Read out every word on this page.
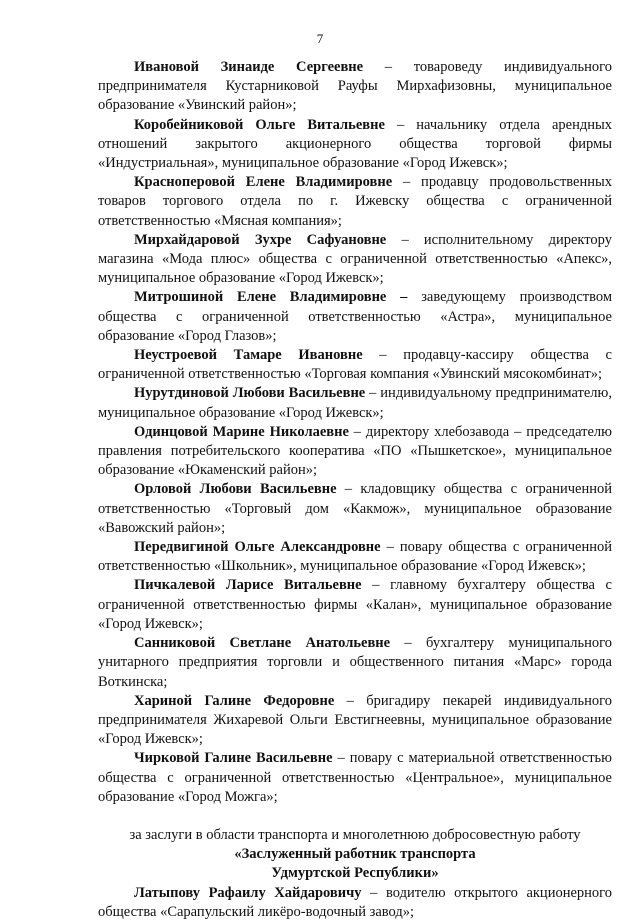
7

Ивановой Зинаиде Сергеевне – товароведу индивидуального предпринимателя Кустарниковой Рауфы Мирхафизовны, муниципальное образование «Увинский район»;

Коробейниковой Ольге Витальевне – начальнику отдела арендных отношений закрытого акционерного общества торговой фирмы «Индустриальная», муниципальное образование «Город Ижевск»;

Красноперовой Елене Владимировне – продавцу продовольственных товаров торгового отдела по г. Ижевску общества с ограниченной ответственностью «Мясная компания»;

Мирхайдаровой Зухре Сафуановне – исполнительному директору магазина «Мода плюс» общества с ограниченной ответственностью «Апекс», муниципальное образование «Город Ижевск»;

Митрошиной Елене Владимировне – заведующему производством общества с ограниченной ответственностью «Астра», муниципальное образование «Город Глазов»;

Неустроевой Тамаре Ивановне – продавцу-кассиру общества с ограниченной ответственностью «Торговая компания «Увинский мясокомбинат»;

Нурутдиновой Любови Васильевне – индивидуальному предпринимателю, муниципальное образование «Город Ижевск»;

Одинцовой Марине Николаевне – директору хлебозавода – председателю правления потребительского кооператива «ПО «Пышкетское», муниципальное образование «Юкаменский район»;

Орловой Любови Васильевне – кладовщику общества с ограниченной ответственностью «Торговый дом «Какмож», муниципальное образование «Вавожский район»;

Передвигиной Ольге Александровне – повару общества с ограниченной ответственностью «Школьник», муниципальное образование «Город Ижевск»;

Пичкалевой Ларисе Витальевне – главному бухгалтеру общества с ограниченной ответственностью фирмы «Калан», муниципальное образование «Город Ижевск»;

Санниковой Светлане Анатольевне – бухгалтеру муниципального унитарного предприятия торговли и общественного питания «Марс» города Воткинска;

Хариной Галине Федоровне – бригадиру пекарей индивидуального предпринимателя Жихаревой Ольги Евстигнеевны, муниципальное образование «Город Ижевск»;

Чирковой Галине Васильевне – повару с материальной ответственностью общества с ограниченной ответственностью «Центральное», муниципальное образование «Город Можга»;

за заслуги в области транспорта и многолетнюю добросовестную работу

«Заслуженный работник транспорта

Удмуртской Республики»

Латыпову Рафаилу Хайдаровичу – водителю открытого акционерного общества «Сарапульский ликёро-водочный завод»;
